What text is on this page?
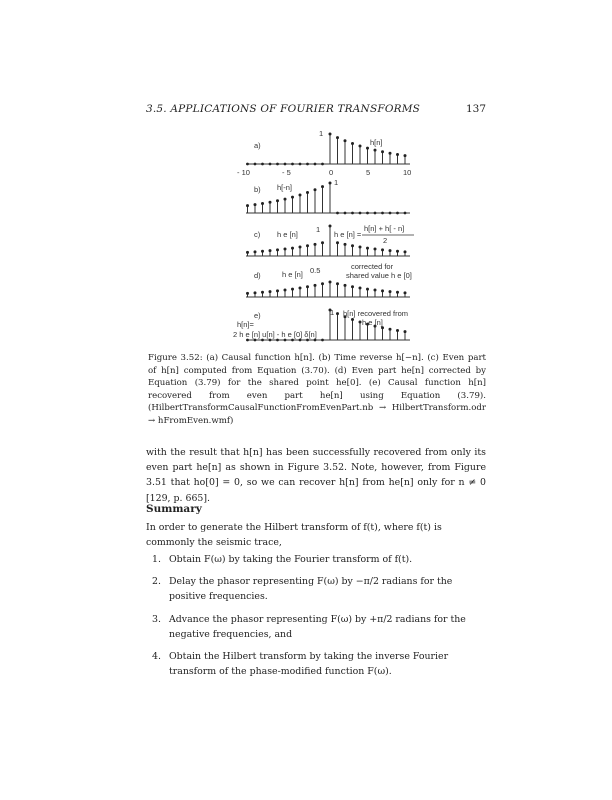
3.5. APPLICATIONS OF FOURIER TRANSFORMS	137
a)	h[n]
1
- 10	- 5	0	5	10
b) h[-n]
1
c) h e [n]
1
h e [n] =
h[n] + h[ - n]
2
d)	h e [n] 0.5	corrected for
shared value h e [0]
e)	1 h[n] recovered from
h e [n]
h[n]=
2 h e [n] u[n] - h e [0] δ[n]
Figure 3.52: (a) Causal function h[n]. (b) Time reverse h[−n]. (c) Even part of h[n] computed from Equation (3.70). (d) Even part he[n] corrected by Equation (3.79) for the shared point he[0]. (e) Causal function h[n] recovered from even part he[n] using Equation (3.79). (HilbertTransformCausalFunctionFromEvenPart.nb → HilbertTransform.odr → hFromEven.wmf)
with the result that h[n] has been successfully recovered from only its even part he[n] as shown in Figure 3.52. Note, however, from Figure 3.51 that ho[0] = 0, so we can recover h[n] from he[n] only for n ≠ 0 [129, p. 665].
Summary
In order to generate the Hilbert transform of f(t), where f(t) is commonly the seismic trace,
1. Obtain F(ω) by taking the Fourier transform of f(t).
2. Delay the phasor representing F(ω) by −π/2 radians for the positive frequencies.
3. Advance the phasor representing F(ω) by +π/2 radians for the negative frequencies, and
4. Obtain the Hilbert transform by taking the inverse Fourier transform of the phase-modified function F(ω).
